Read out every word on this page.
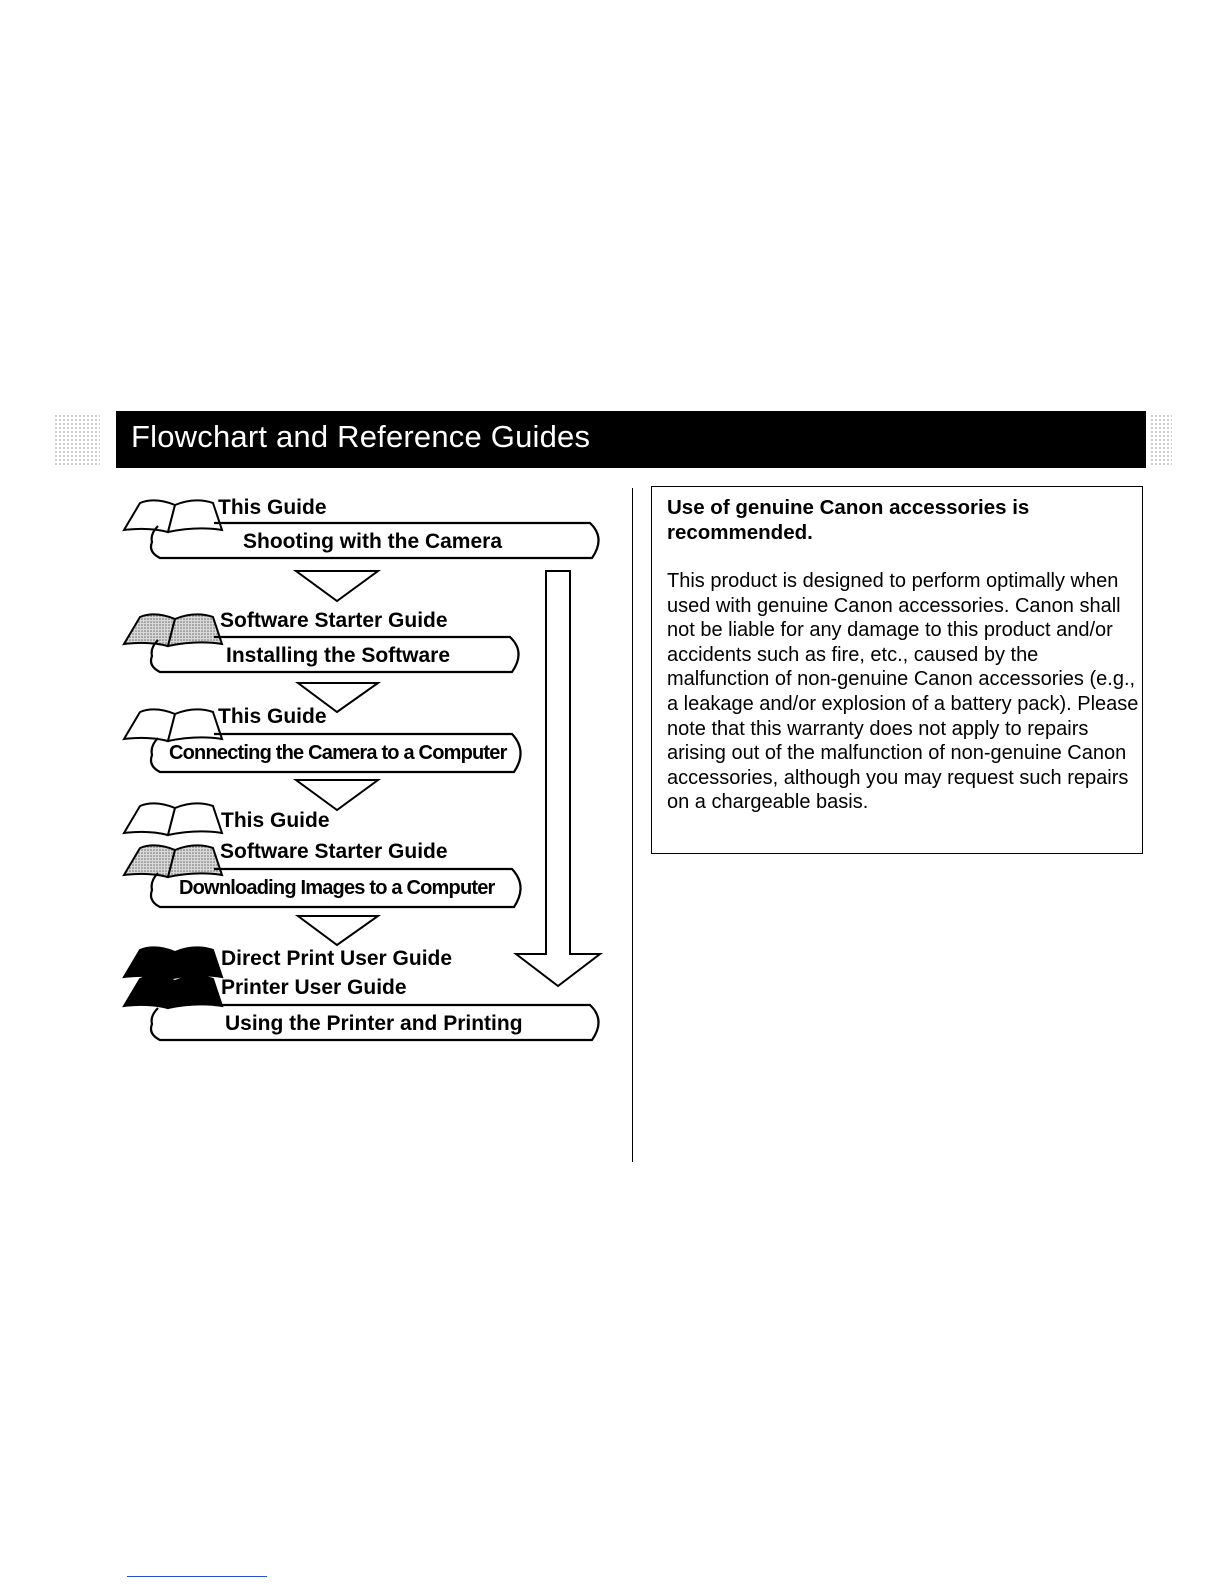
Flowchart and Reference Guides
This Guide
Shooting with the Camera
Software Starter Guide
Installing the Software
This Guide
Connecting the Camera to a Computer
This Guide
Software Starter Guide
Downloading Images to a Computer
Direct Print User Guide
Printer User Guide
Using the Printer and Printing
Use of genuine Canon accessories is recommended.
This product is designed to perform optimally when used with genuine Canon accessories. Canon shall not be liable for any damage to this product and/or accidents such as fire, etc., caused by the malfunction of non-genuine Canon accessories (e.g., a leakage and/or explosion of a battery pack). Please note that this warranty does not apply to repairs arising out of the malfunction of non-genuine Canon accessories, although you may request such repairs on a chargeable basis.
